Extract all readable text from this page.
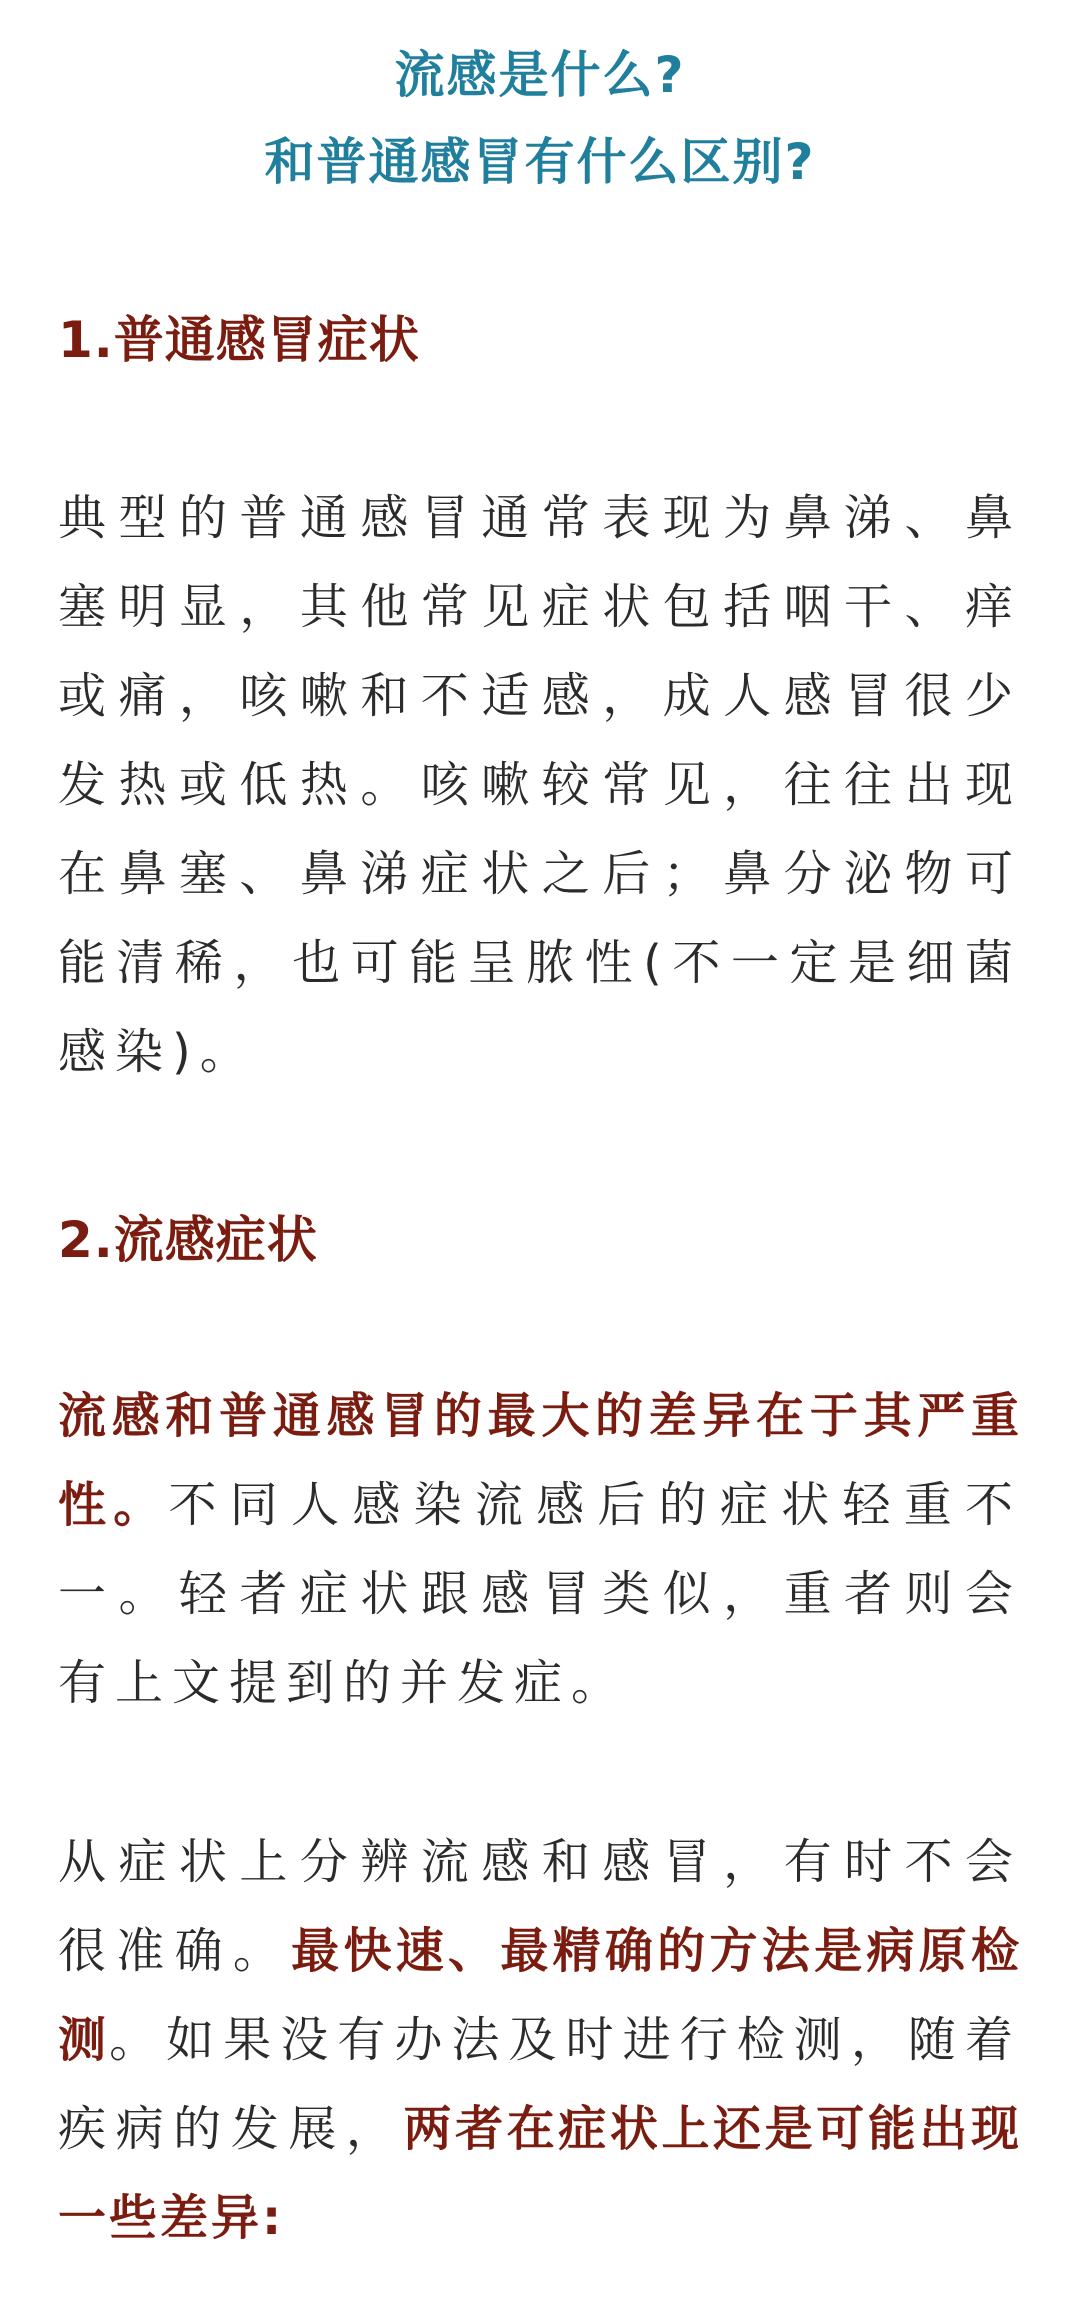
流感是什么?
和普通感冒有什么区别?
1.普通感冒症状

典型的普通感冒通常表现为鼻涕、鼻塞明显，其他常见症状包括咽干、痒或痛，咳嗽和不适感，成人感冒很少发热或低热。咳嗽较常见，往往出现在鼻塞、鼻涕症状之后；鼻分泌物可能清稀，也可能呈脓性(不一定是细菌感染)。

2.流感症状

流感和普通感冒的最大的差异在于其严重性。不同人感染流感后的症状轻重不一。轻者症状跟感冒类似，重者则会有上文提到的并发症。

从症状上分辨流感和感冒，有时不会很准确。最快速、最精确的方法是病原检测。如果没有办法及时进行检测，随着疾病的发展，两者在症状上还是可能出现一些差异:
